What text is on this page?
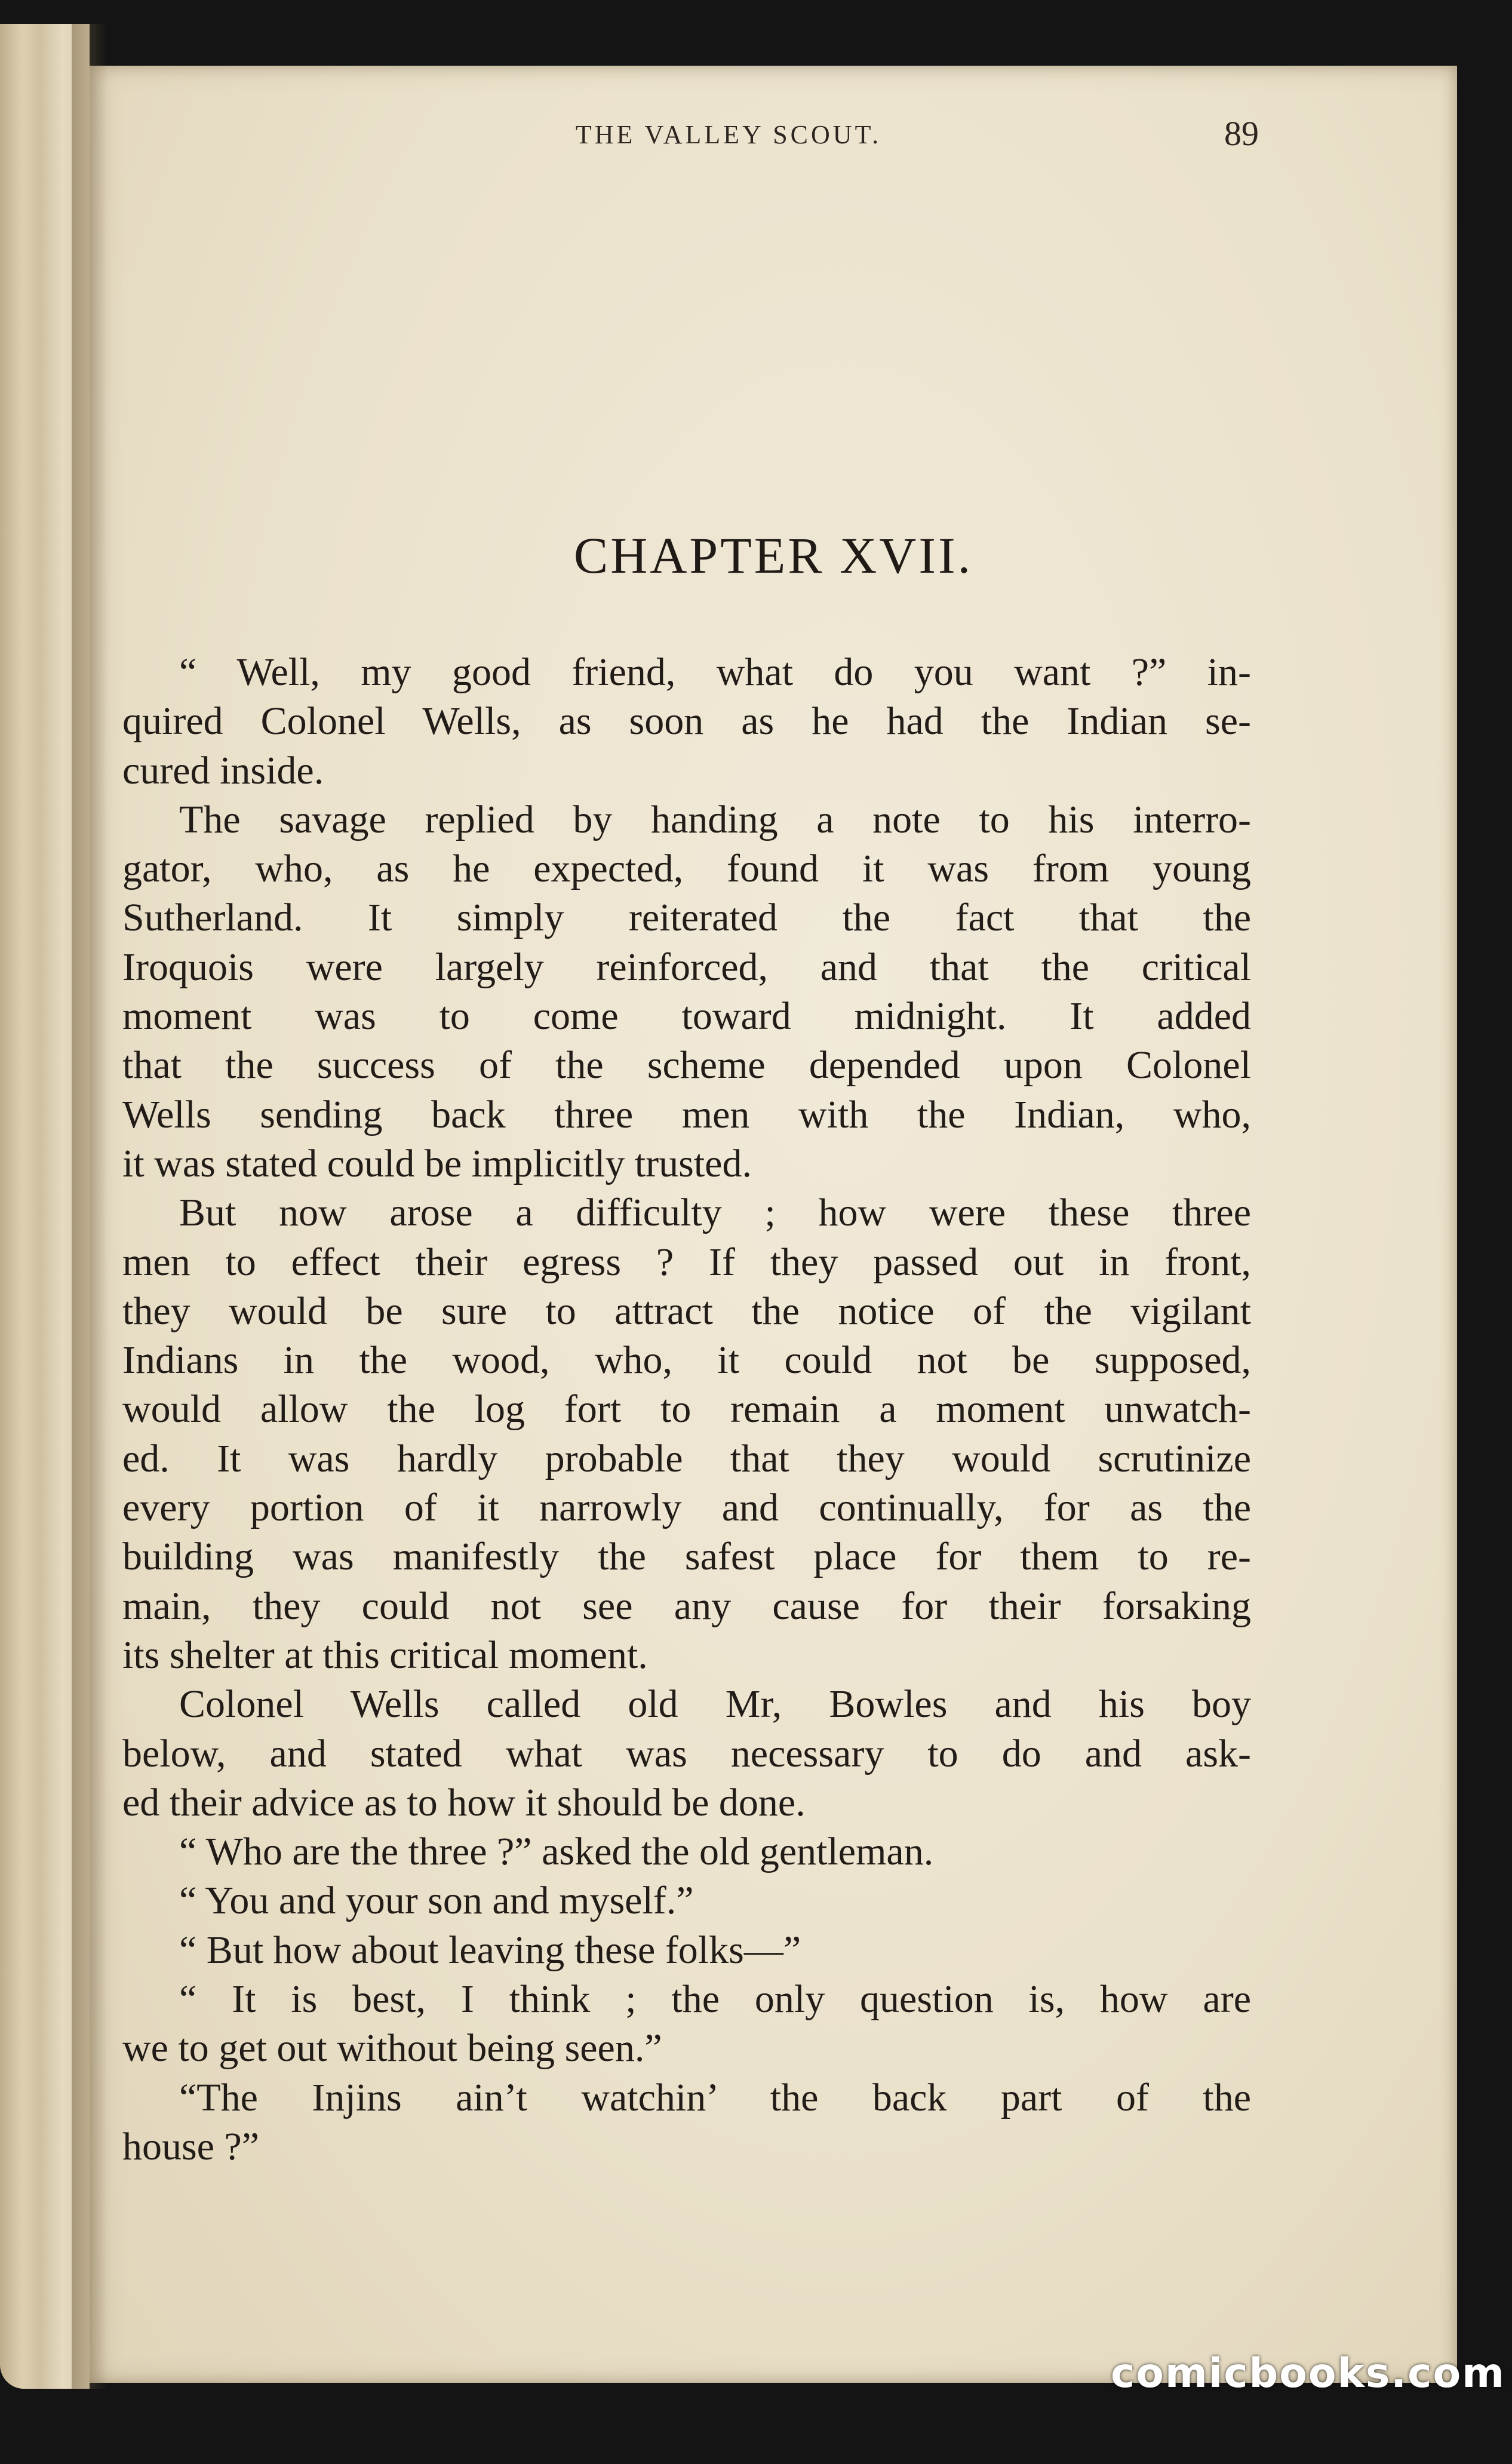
THE VALLEY SCOUT.	89
CHAPTER XVII.
“ Well, my good friend, what do you want ?” in-
quired Colonel Wells, as soon as he had the Indian se-
cured inside.
The savage replied by handing a note to his interro-
gator, who, as he expected, found it was from young
Sutherland. It simply reiterated the fact that the
Iroquois were largely reinforced, and that the critical
moment was to come toward midnight. It added
that the success of the scheme depended upon Colonel
Wells sending back three men with the Indian, who,
it was stated could be implicitly trusted.
But now arose a difficulty ; how were these three
men to effect their egress ? If they passed out in front,
they would be sure to attract the notice of the vigilant
Indians in the wood, who, it could not be supposed,
would allow the log fort to remain a moment unwatch-
ed. It was hardly probable that they would scrutinize
every portion of it narrowly and continually, for as the
building was manifestly the safest place for them to re-
main, they could not see any cause for their forsaking
its shelter at this critical moment.
Colonel Wells called old Mr, Bowles and his boy
below, and stated what was necessary to do and ask-
ed their advice as to how it should be done.
“ Who are the three ?” asked the old gentleman.
“ You and your son and myself.”
“ But how about leaving these folks—”
“ It is best, I think ; the only question is, how are
we to get out without being seen.”
“The Injins ain’t watchin’ the back part of the
house ?”
comicbooks.com
